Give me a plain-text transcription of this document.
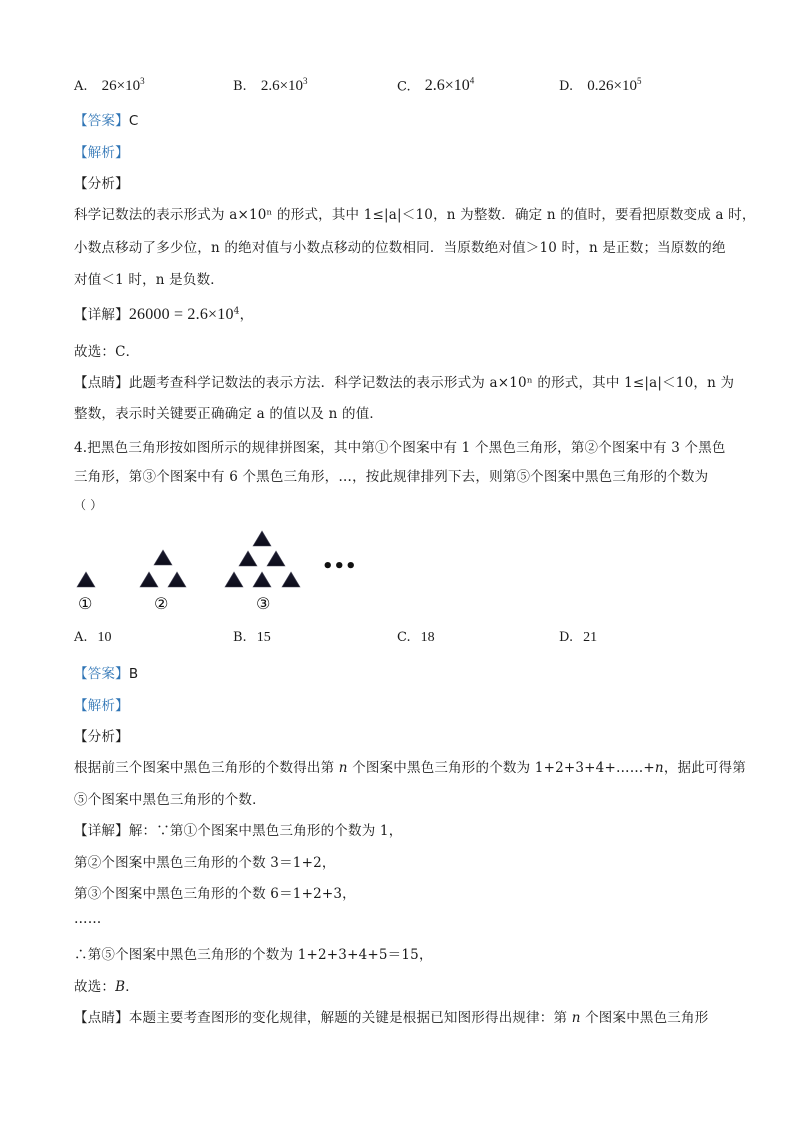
A. $26\times 10^3$	B. $2.6\times 10^3$	C. $2.6\times 10^4$	D. $0.26\times 10^5$
【答案】C
【解析】
【分析】
科学记数法的表示形式为 a×10ⁿ 的形式，其中 1≤|a|＜10，n 为整数．确定 n 的值时，要看把原数变成 a 时，
小数点移动了多少位，n 的绝对值与小数点移动的位数相同．当原数绝对值＞10 时，n 是正数；当原数的绝
对值＜1 时，n 是负数．
【详解】$26000 = 2.6\times 10^4$，
故选：C．
【点睛】此题考查科学记数法的表示方法．科学记数法的表示形式为 a×10ⁿ 的形式，其中 1≤|a|＜10，n 为
整数，表示时关键要正确确定 a 的值以及 n 的值．
4.把黑色三角形按如图所示的规律拼图案，其中第①个图案中有 1 个黑色三角形，第②个图案中有 3 个黑色
三角形，第③个图案中有 6 个黑色三角形，…，按此规律排列下去，则第⑤个图案中黑色三角形的个数为
（ ）
•••
①	②	③
A. 10	B. 15	C. 18	D. 21
【答案】B
【解析】
【分析】
根据前三个图案中黑色三角形的个数得出第 n 个图案中黑色三角形的个数为 1+2+3+4+……+n，据此可得第
⑤个图案中黑色三角形的个数．
【详解】解：∵第①个图案中黑色三角形的个数为 1，
第②个图案中黑色三角形的个数 3＝1+2，
第③个图案中黑色三角形的个数 6＝1+2+3，
……
∴第⑤个图案中黑色三角形的个数为 1+2+3+4+5＝15，
故选：B．
【点睛】本题主要考查图形的变化规律，解题的关键是根据已知图形得出规律：第 n 个图案中黑色三角形
